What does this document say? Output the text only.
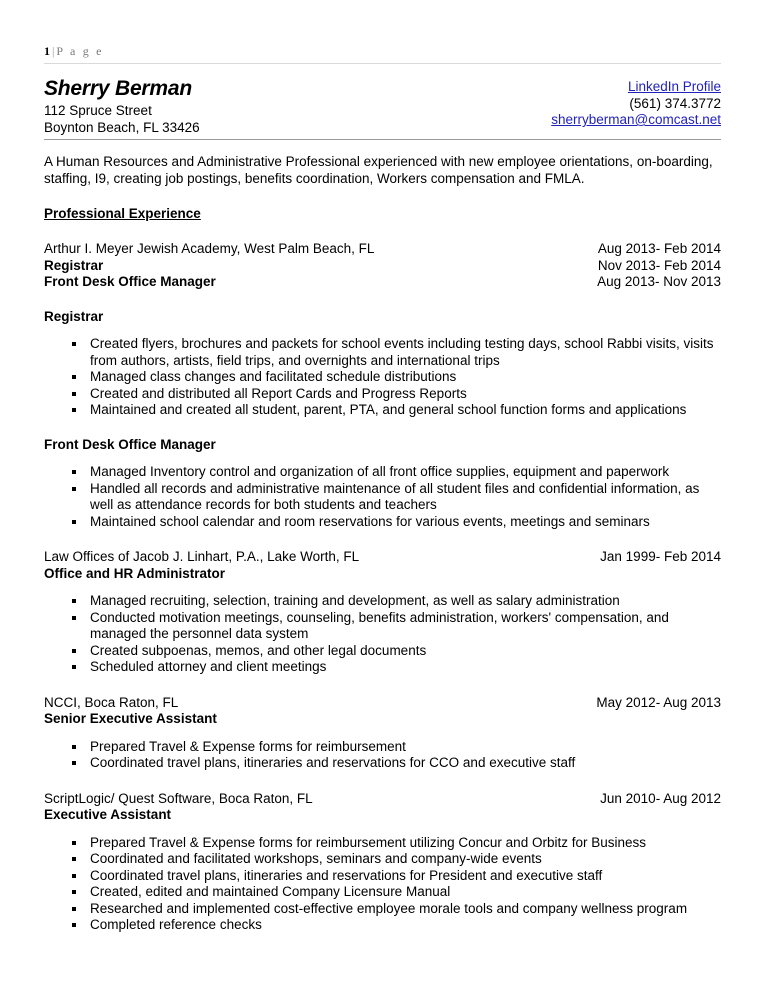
1 | P a g e
Sherry Berman
112 Spruce Street
Boynton Beach, FL 33426
LinkedIn Profile
(561) 374.3772
sherryberman@comcast.net
A Human Resources and Administrative Professional experienced with new employee orientations, on-boarding, staffing, I9, creating job postings, benefits coordination, Workers compensation and FMLA.
Professional Experience
Arthur I. Meyer Jewish Academy, West Palm Beach, FL	Aug 2013- Feb 2014
Registrar	Nov 2013- Feb 2014
Front Desk Office Manager	Aug 2013- Nov 2013
Registrar
Created flyers, brochures and packets for school events including testing days, school Rabbi visits, visits from authors, artists, field trips, and overnights and international trips
Managed class changes and facilitated schedule distributions
Created and distributed all Report Cards and Progress Reports
Maintained and created all student, parent, PTA, and general school function forms and applications
Front Desk Office Manager
Managed Inventory control and organization of all front office supplies, equipment and paperwork
Handled all records and administrative maintenance of all student files and confidential information, as well as attendance records for both students and teachers
Maintained school calendar and room reservations for various events, meetings and seminars
Law Offices of Jacob J. Linhart, P.A., Lake Worth, FL	Jan 1999- Feb 2014
Office and HR Administrator
Managed recruiting, selection, training and development, as well as salary administration
Conducted motivation meetings, counseling, benefits administration, workers' compensation, and managed the personnel data system
Created subpoenas, memos, and other legal documents
Scheduled attorney and client meetings
NCCI, Boca Raton, FL	May 2012- Aug 2013
Senior Executive Assistant
Prepared Travel & Expense forms for reimbursement
Coordinated travel plans, itineraries and reservations for CCO and executive staff
ScriptLogic/ Quest Software, Boca Raton, FL	Jun 2010- Aug 2012
Executive Assistant
Prepared Travel & Expense forms for reimbursement utilizing Concur and Orbitz for Business
Coordinated and facilitated workshops, seminars and company-wide events
Coordinated travel plans, itineraries and reservations for President and executive staff
Created, edited and maintained Company Licensure Manual
Researched and implemented cost-effective employee morale tools and company wellness program
Completed reference checks
